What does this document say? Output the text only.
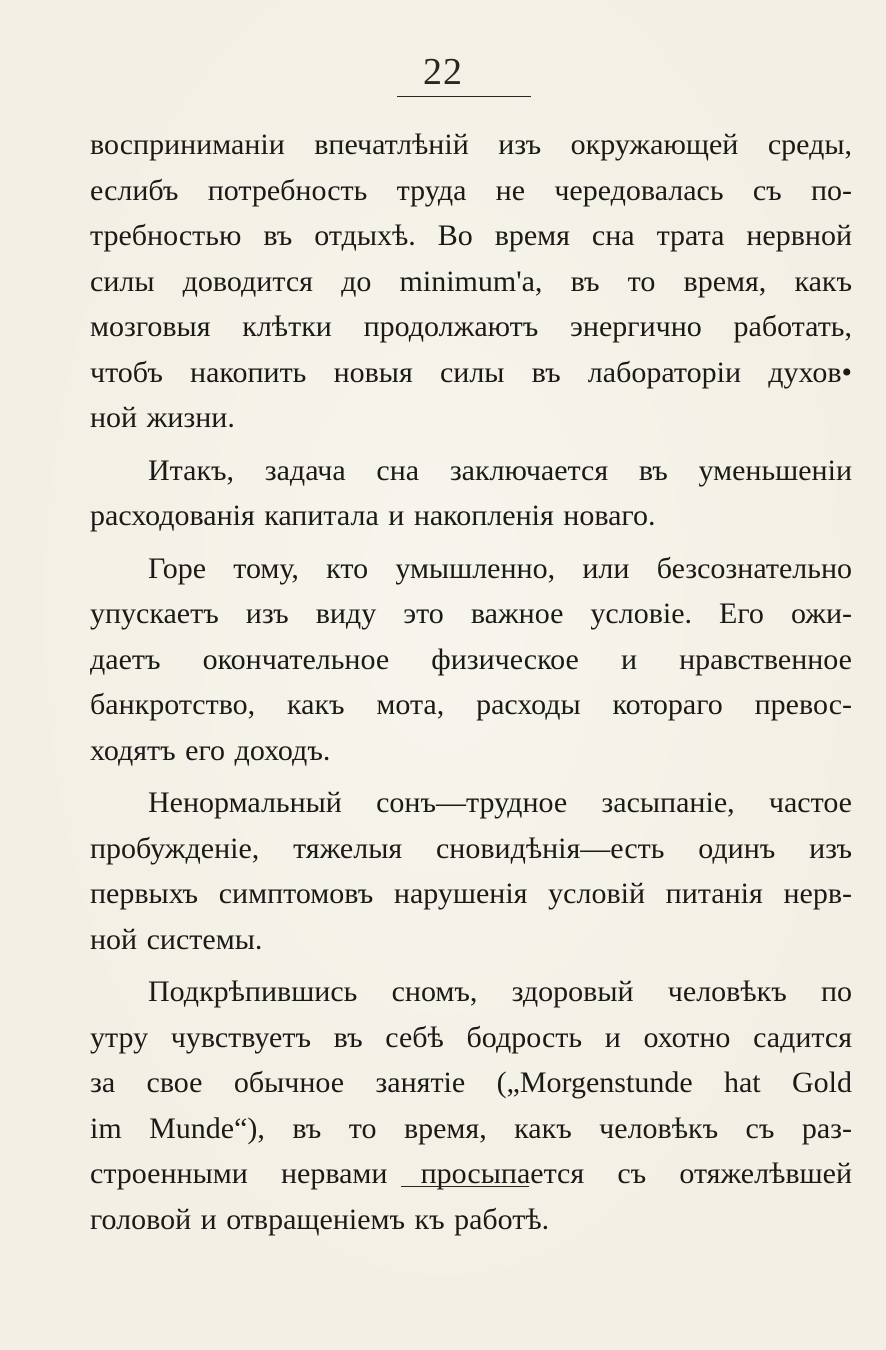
22
восприниманіи впечатлѣній изъ окружающей среды,
еслибъ потребность труда не чередовалась съ по-
требностью въ отдыхѣ. Во время сна трата нервной
силы доводится до minimum'а, въ то время, какъ
мозговыя клѣтки продолжаютъ энергично работать,
чтобъ накопить новыя силы въ лабораторіи духов•
ной жизни.
Итакъ, задача сна заключается въ уменьшеніи
расходованія капитала и накопленія новаго.
Горе тому, кто умышленно, или безсознательно
упускаетъ изъ виду это важное условіе. Его ожи-
даетъ окончательное физическое и нравственное
банкротство, какъ мота, расходы котораго превос-
ходятъ его доходъ.
Ненормальный сонъ—трудное засыпаніе, частое
пробужденіе, тяжелыя сновидѣнія—есть одинъ изъ
первыхъ симптомовъ нарушенія условій питанія нерв-
ной системы.
Подкрѣпившись сномъ, здоровый человѣкъ по
утру чувствуетъ въ себѣ бодрость и охотно садится
за свое обычное занятіе („Morgenstunde hat Gold
im Munde“), въ то время, какъ человѣкъ съ раз-
строенными нервами просыпается съ отяжелѣвшей
головой и отвращеніемъ къ работѣ.
